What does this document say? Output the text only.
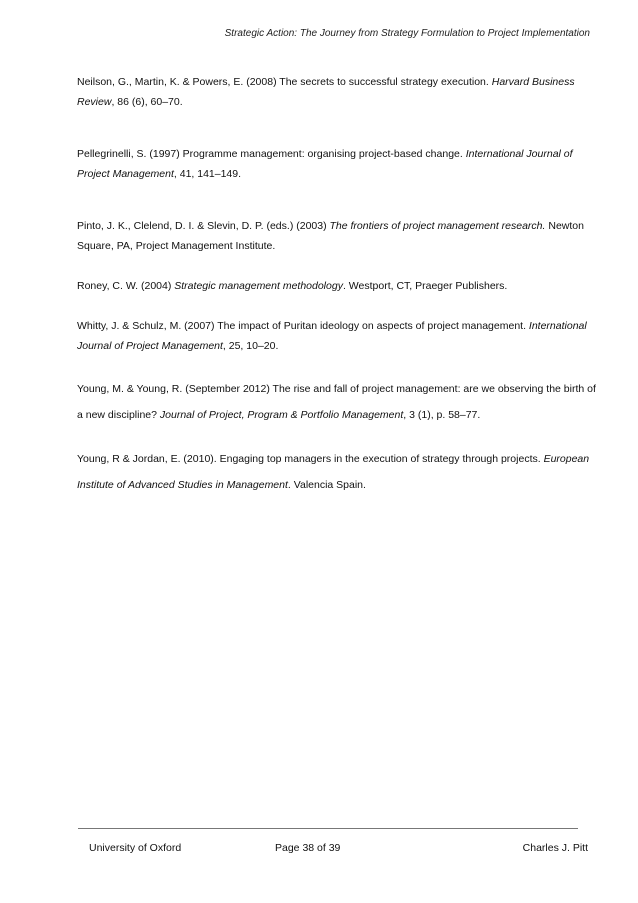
Strategic Action: The Journey from Strategy Formulation to Project Implementation

Neilson, G., Martin, K. & Powers, E. (2008) The secrets to successful strategy execution. Harvard Business Review, 86 (6), 60–70.

Pellegrinelli, S. (1997) Programme management: organising project-based change. International Journal of Project Management, 41, 141–149.

Pinto, J. K., Clelend, D. I. & Slevin, D. P. (eds.) (2003) The frontiers of project management research. Newton Square, PA, Project Management Institute.

Roney, C. W. (2004) Strategic management methodology. Westport, CT, Praeger Publishers.

Whitty, J. & Schulz, M. (2007) The impact of Puritan ideology on aspects of project management. International Journal of Project Management, 25, 10–20.

Young, M. & Young, R. (September 2012) The rise and fall of project management: are we observing the birth of a new discipline? Journal of Project, Program & Portfolio Management, 3 (1), p. 58–77.

Young, R & Jordan, E. (2010). Engaging top managers in the execution of strategy through projects. European Institute of Advanced Studies in Management. Valencia Spain.

University of Oxford	Page 38 of 39	Charles J. Pitt
